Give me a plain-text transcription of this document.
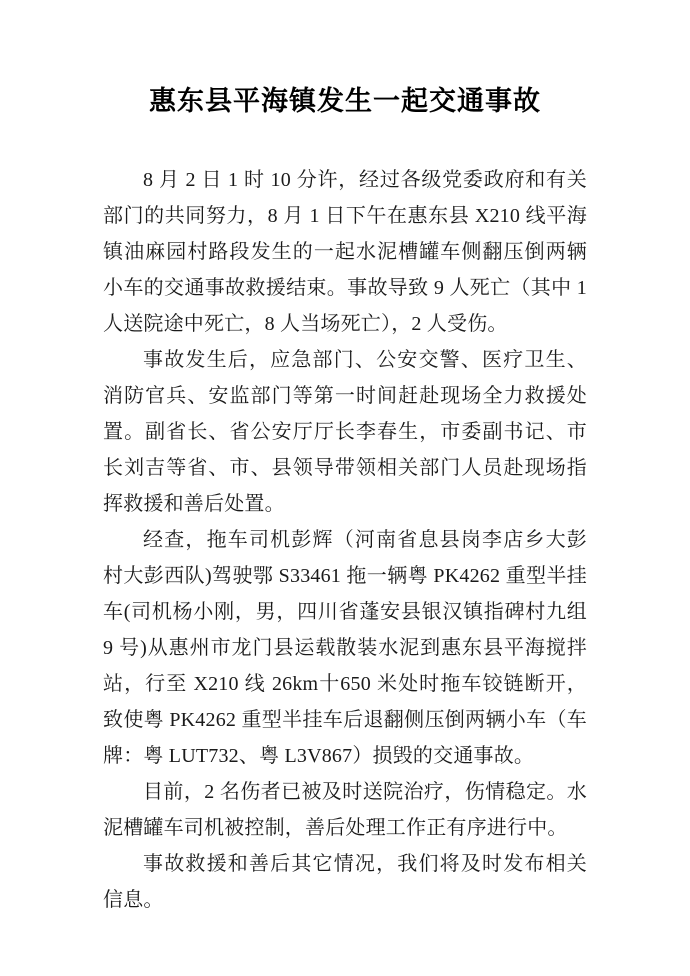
惠东县平海镇发生一起交通事故

8 月 2 日 1 时 10 分许，经过各级党委政府和有关部门的共同努力，8 月 1 日下午在惠东县 X210 线平海镇油麻园村路段发生的一起水泥槽罐车侧翻压倒两辆小车的交通事故救援结束。事故导致 9 人死亡（其中 1 人送院途中死亡，8 人当场死亡），2 人受伤。

事故发生后，应急部门、公安交警、医疗卫生、消防官兵、安监部门等第一时间赶赴现场全力救援处置。副省长、省公安厅厅长李春生，市委副书记、市长刘吉等省、市、县领导带领相关部门人员赴现场指挥救援和善后处置。

经查，拖车司机彭辉（河南省息县岗李店乡大彭村大彭西队)驾驶鄂 S33461 拖一辆粤 PK4262 重型半挂车(司机杨小刚，男，四川省蓬安县银汉镇指碑村九组 9 号)从惠州市龙门县运载散装水泥到惠东县平海搅拌站，行至 X210 线 26km十650 米处时拖车铰链断开，致使粤 PK4262 重型半挂车后退翻侧压倒两辆小车（车牌：粤 LUT732、粤 L3V867）损毁的交通事故。

目前，2 名伤者已被及时送院治疗，伤情稳定。水泥槽罐车司机被控制，善后处理工作正有序进行中。

事故救援和善后其它情况，我们将及时发布相关信息。
